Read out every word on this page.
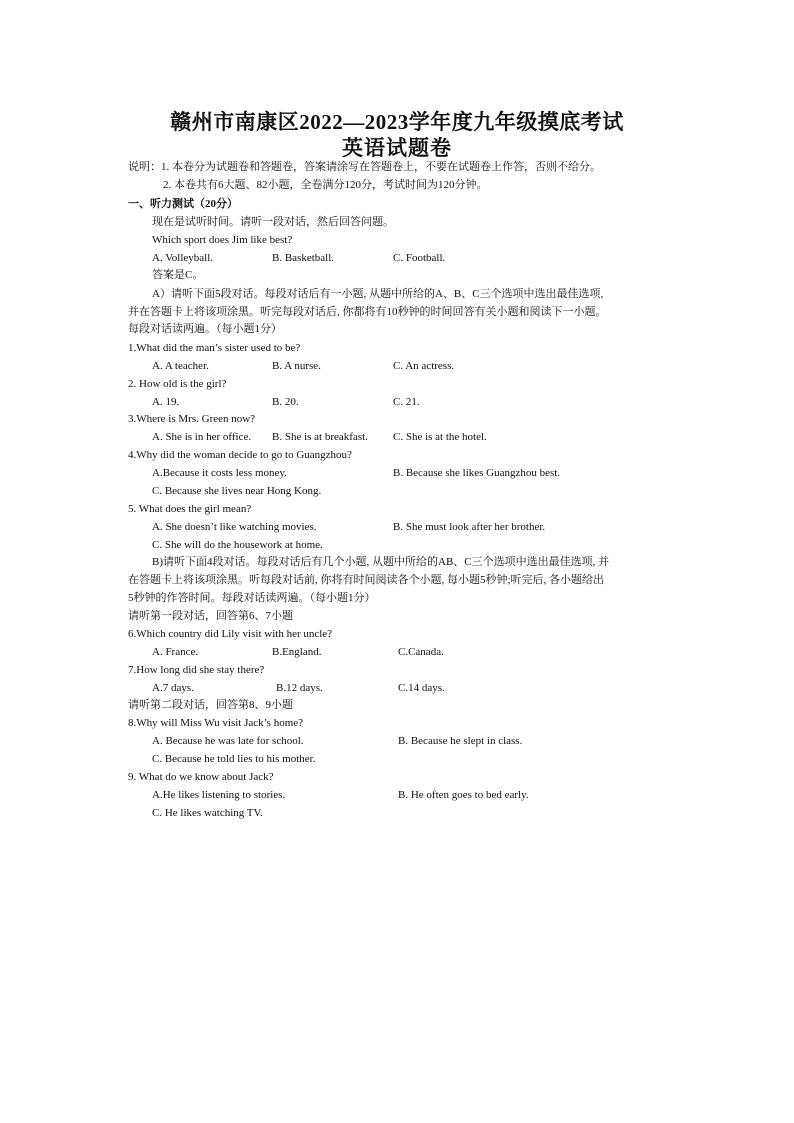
赣州市南康区2022—2023学年度九年级摸底考试
英语试题卷
说明：1. 本卷分为试题卷和答题卷，答案请涂写在答题卷上，不要在试题卷上作答，否则不给分。
2. 本卷共有6大题、82小题，全卷满分120分，考试时间为120分钟。
一、听力测试（20分）
现在是试听时间。请听一段对话，然后回答问题。
Which sport does Jim like best?
A. Volleyball.	B. Basketball.	C. Football.
答案是C。
A）请听下面5段对话。每段对话后有一小题, 从题中所给的A、B、C三个选项中选出最佳选项,
并在答题卡上将该项涂黑。听完每段对话后, 你都将有10秒钟的时间回答有关小题和阅读下一小题。
每段对话读两遍。（每小题1分）
1.What did the man’s sister used to be?
A. A teacher.	B. A nurse.	C. An actress.
2. How old is the girl?
A. 19.	B. 20.	C. 21.
3.Where is Mrs. Green now?
A. She is in her office. B. She is at breakfast. C. She is at the hotel.
4.Why did the woman decide to go to Guangzhou?
A.Because it costs less money.	B. Because she likes Guangzhou best.
C. Because she lives near Hong Kong.
5. What does the girl mean?
A. She doesn’t like watching movies.	B. She must look after her brother.
C. She will do the housework at home.
B)请听下面4段对话。每段对话后有几个小题, 从题中所给的AB、C三个选项中选出最佳选项, 并
在答题卡上将该项涂黑。听每段对话前, 你将有时间阅读各个小题, 每小题5秒钟;听完后, 各小题给出
5秒钟的作答时间。每段对话读两遍。（每小题1分）
请听第一段对话，回答第6、7小题
6.Which country did Lily visit with her uncle?
A. France.	B.England.	C.Canada.
7.How long did she stay there?
A.7 days.	B.12 days.	C.14 days.
请听第二段对话，回答第8、9小题
8.Why will Miss Wu visit Jack’s home?
A. Because he was late for school.	B. Because he slept in class.
C. Because he told lies to his mother.
9. What do we know about Jack?
A.He likes listening to stories.	B. He often goes to bed early.
C. He likes watching TV.
